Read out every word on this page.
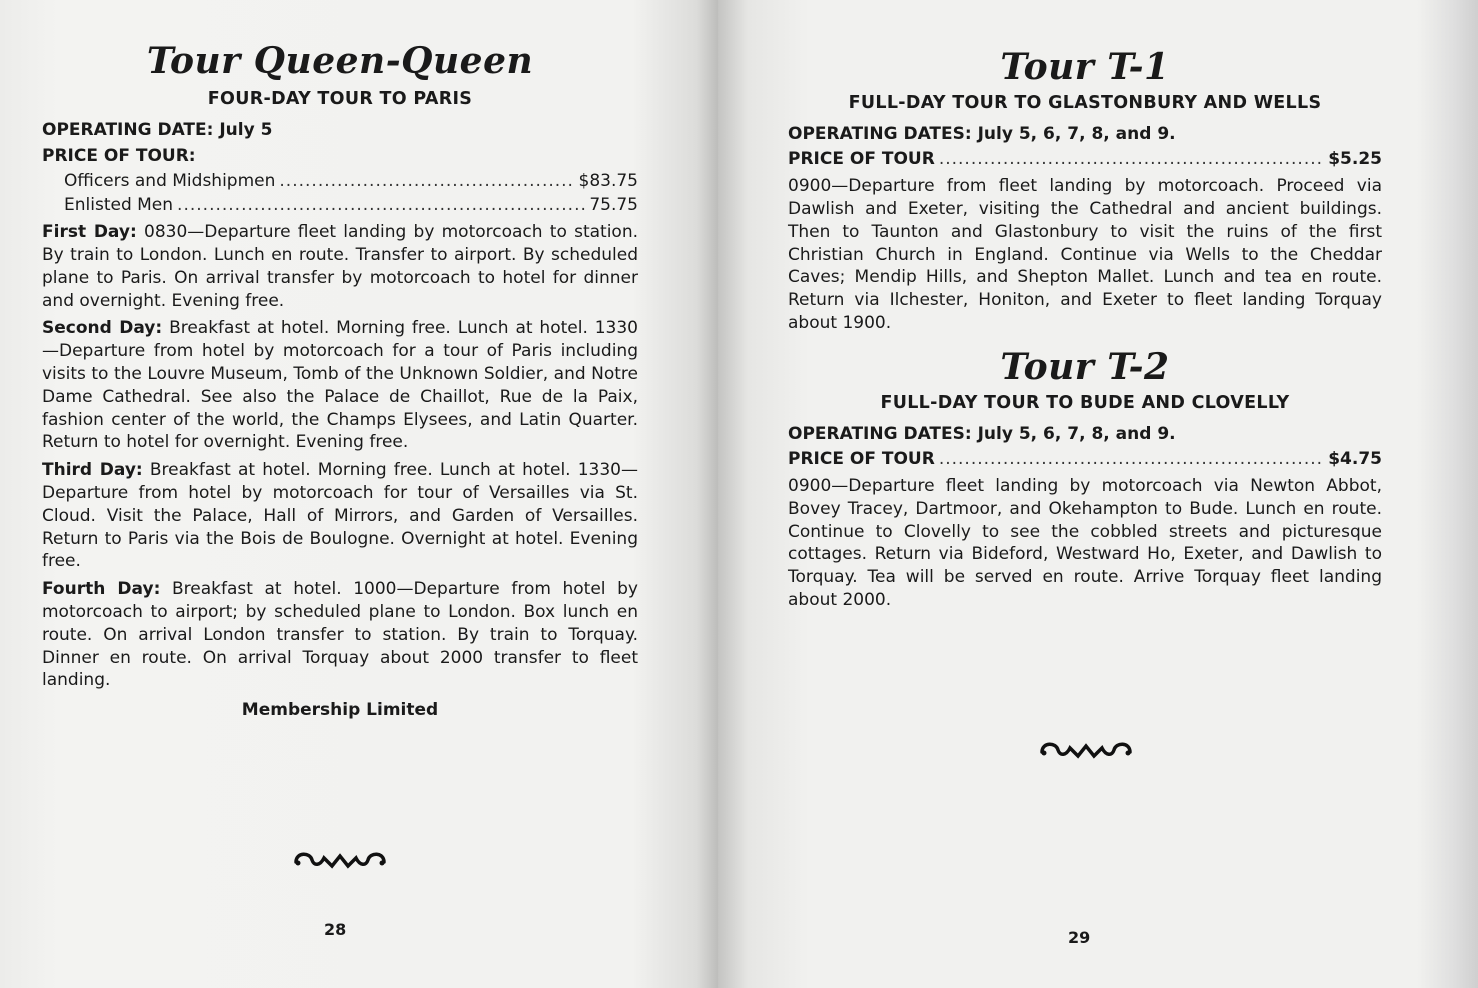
Tour Queen-Queen

FOUR-DAY TOUR TO PARIS

OPERATING DATE: July 5

PRICE OF TOUR:

Officers and Midshipmen .....	$83.75
Enlisted Men .....	75.75

First Day: 0830—Departure fleet landing by motorcoach to station. By train to London. Lunch en route. Transfer to airport. By scheduled plane to Paris. On arrival transfer by motorcoach to hotel for dinner and overnight. Evening free.

Second Day: Breakfast at hotel. Morning free. Lunch at hotel. 1330—Departure from hotel by motorcoach for a tour of Paris including visits to the Louvre Museum, Tomb of the Unknown Soldier, and Notre Dame Cathedral. See also the Palace de Chaillot, Rue de la Paix, fashion center of the world, the Champs Elysees, and Latin Quarter. Return to hotel for overnight. Evening free.

Third Day: Breakfast at hotel. Morning free. Lunch at hotel. 1330—Departure from hotel by motorcoach for tour of Versailles via St. Cloud. Visit the Palace, Hall of Mirrors, and Garden of Versailles. Return to Paris via the Bois de Boulogne. Overnight at hotel. Evening free.

Fourth Day: Breakfast at hotel. 1000—Departure from hotel by motorcoach to airport; by scheduled plane to London. Box lunch en route. On arrival London transfer to station. By train to Torquay. Dinner en route. On arrival Torquay about 2000 transfer to fleet landing.

Membership Limited
28
Tour T-1

FULL-DAY TOUR TO GLASTONBURY AND WELLS

OPERATING DATES: July 5, 6, 7, 8, and 9.

PRICE OF TOUR .....	$5.25

0900—Departure from fleet landing by motorcoach. Proceed via Dawlish and Exeter, visiting the Cathedral and ancient buildings. Then to Taunton and Glastonbury to visit the ruins of the first Christian Church in England. Continue via Wells to the Cheddar Caves; Mendip Hills, and Shepton Mallet. Lunch and tea en route. Return via Ilchester, Honiton, and Exeter to fleet landing Torquay about 1900.

Tour T-2

FULL-DAY TOUR TO BUDE AND CLOVELLY

OPERATING DATES: July 5, 6, 7, 8, and 9.

PRICE OF TOUR .....	$4.75

0900—Departure fleet landing by motorcoach via Newton Abbot, Bovey Tracey, Dartmoor, and Okehampton to Bude. Lunch en route. Continue to Clovelly to see the cobbled streets and picturesque cottages. Return via Bideford, Westward Ho, Exeter, and Dawlish to Torquay. Tea will be served en route. Arrive Torquay fleet landing about 2000.

29
